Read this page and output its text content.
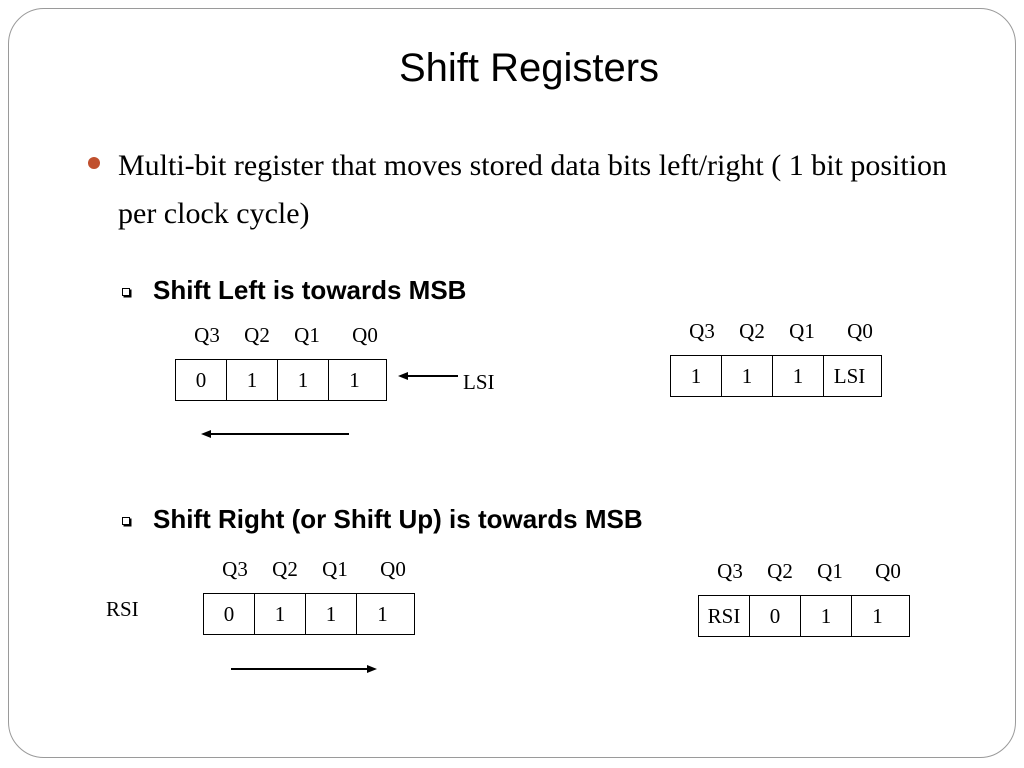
Shift Registers
Multi-bit register that moves stored data bits left/right ( 1 bit position per clock cycle)
Shift Left is towards MSB
Q3	Q2	Q1	Q0
0	1	1	1	LSI
Q3	Q2	Q1	Q0
1	1	1	LSI
Shift Right (or Shift Up) is towards MSB
RSI
Q3	Q2	Q1	Q0
0	1	1	1
Q3	Q2	Q1	Q0
RSI	0	1	1
